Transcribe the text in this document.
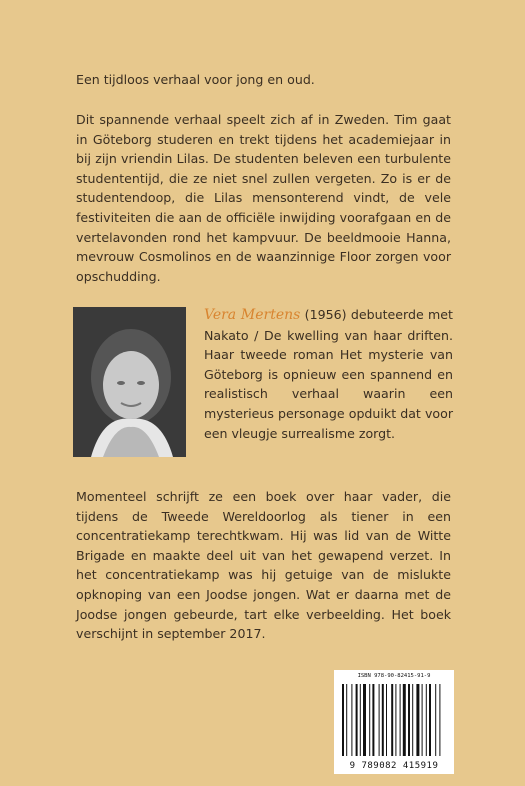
Een tijdloos verhaal voor jong en oud.

Dit spannende verhaal speelt zich af in Zweden. Tim gaat in Göteborg studeren en trekt tijdens het academiejaar in bij zijn vriendin Lilas. De studenten beleven een turbulente studententijd, die ze niet snel zullen vergeten. Zo is er de studentendoop, die Lilas mensonterend vindt, de vele festiviteiten die aan de officiële inwijding voorafgaan en de vertelavonden rond het kampvuur. De beeldmooie Hanna, mevrouw Cosmolinos en de waanzinnige Floor zorgen voor opschudding.

Vera Mertens (1956) debuteerde met Nakato / De kwelling van haar driften. Haar tweede roman Het mysterie van Göteborg is opnieuw een spannend en realistisch verhaal waarin een mysterieus personage opduikt dat voor een vleugje surrealisme zorgt.

Momenteel schrijft ze een boek over haar vader, die tijdens de Tweede Wereldoorlog als tiener in een concentratiekamp terechtkwam. Hij was lid van de Witte Brigade en maakte deel uit van het gewapend verzet. In het concentratiekamp was hij getuige van de mislukte opknoping van een Joodse jongen. Wat er daarna met de Joodse jongen gebeurde, tart elke verbeelding. Het boek verschijnt in september 2017.

ISBN 978-90-82415-91-9
9 789082 415919
